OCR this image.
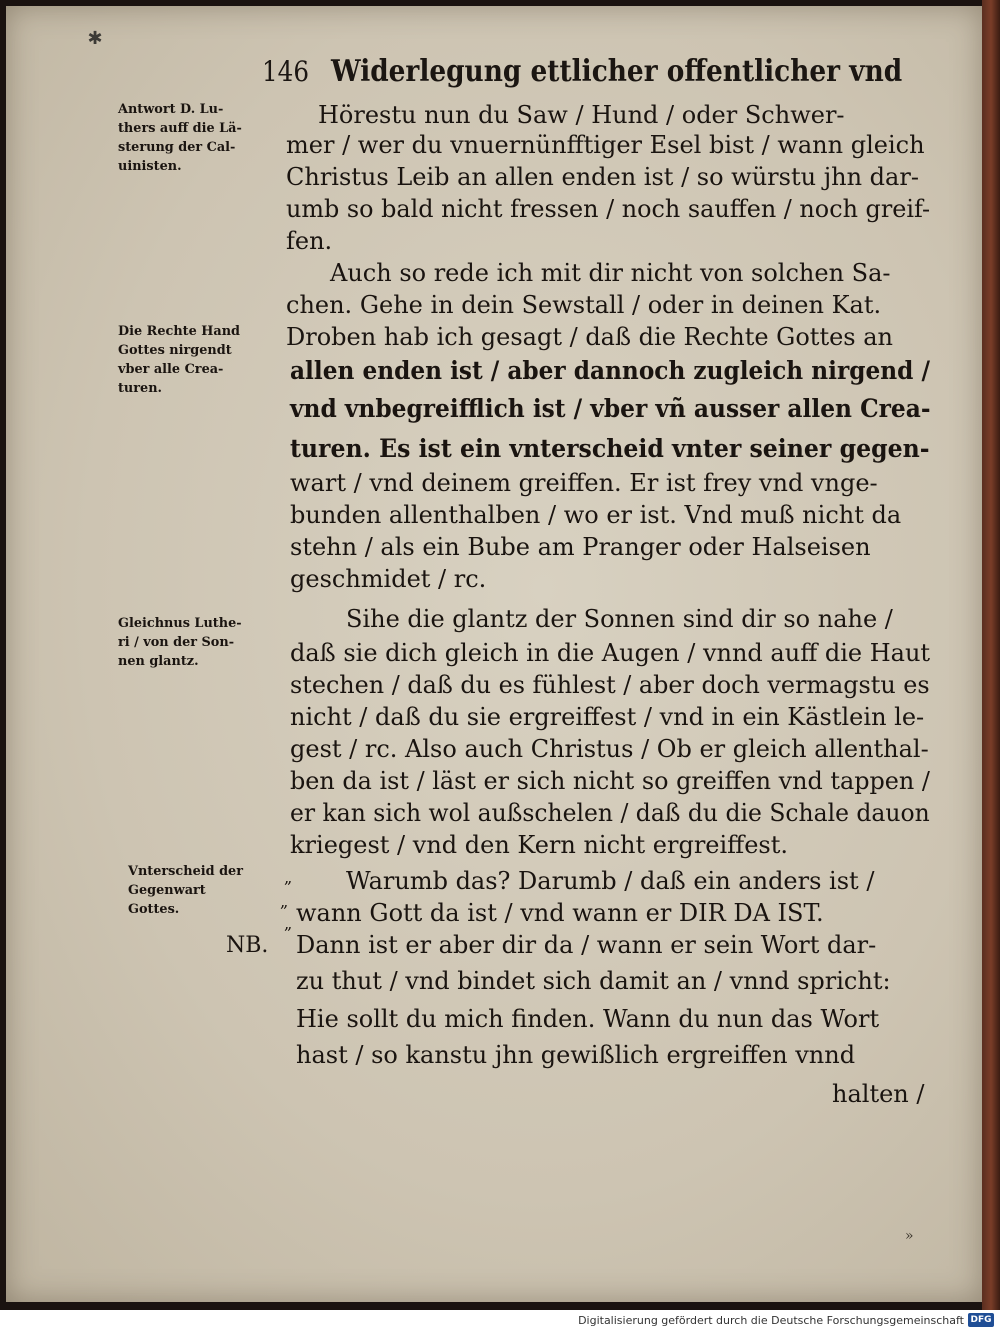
✱
146 Widerlegung ettlicher offentlicher vnd
Antwort D. Lu-
thers auff die Lä-
sterung der Cal-
uinisten.
Die Rechte Hand
Gottes nirgendt
vber alle Crea-
turen.
Gleichnus Luthe-
ri / von der Son-
nen glantz.
Vnterscheid der
Gegenwart
Gottes.
„
„
„
NB.
Hörestu nun du Saw / Hund / oder Schwer-
mer / wer du vnuernünfftiger Esel bist / wann gleich
Christus Leib an allen enden ist / so würstu jhn dar-
umb so bald nicht fressen / noch sauffen / noch greif-
fen.
Auch so rede ich mit dir nicht von solchen Sa-
chen. Gehe in dein Sewstall / oder in deinen Kat.
Droben hab ich gesagt / daß die Rechte Gottes an
allen enden ist / aber dannoch zugleich nirgend /
vnd vnbegreifflich ist / vber vñ ausser allen Crea-
turen. Es ist ein vnterscheid vnter seiner gegen-
wart / vnd deinem greiffen. Er ist frey vnd vnge-
bunden allenthalben / wo er ist. Vnd muß nicht da
stehn / als ein Bube am Pranger oder Halseisen
geschmidet / rc.
Sihe die glantz der Sonnen sind dir so nahe /
daß sie dich gleich in die Augen / vnnd auff die Haut
stechen / daß du es fühlest / aber doch vermagstu es
nicht / daß du sie ergreiffest / vnd in ein Kästlein le-
gest / rc. Also auch Christus / Ob er gleich allenthal-
ben da ist / läst er sich nicht so greiffen vnd tappen /
er kan sich wol außschelen / daß du die Schale dauon
kriegest / vnd den Kern nicht ergreiffest.
Warumb das? Darumb / daß ein anders ist /
wann Gott da ist / vnd wann er DIR DA IST.
Dann ist er aber dir da / wann er sein Wort dar-
zu thut / vnd bindet sich damit an / vnnd spricht:
Hie sollt du mich finden. Wann du nun das Wort
hast / so kanstu jhn gewißlich ergreiffen vnnd
halten /
»
Digitalisierung gefördert durch die Deutsche Forschungsgemeinschaft DFG
